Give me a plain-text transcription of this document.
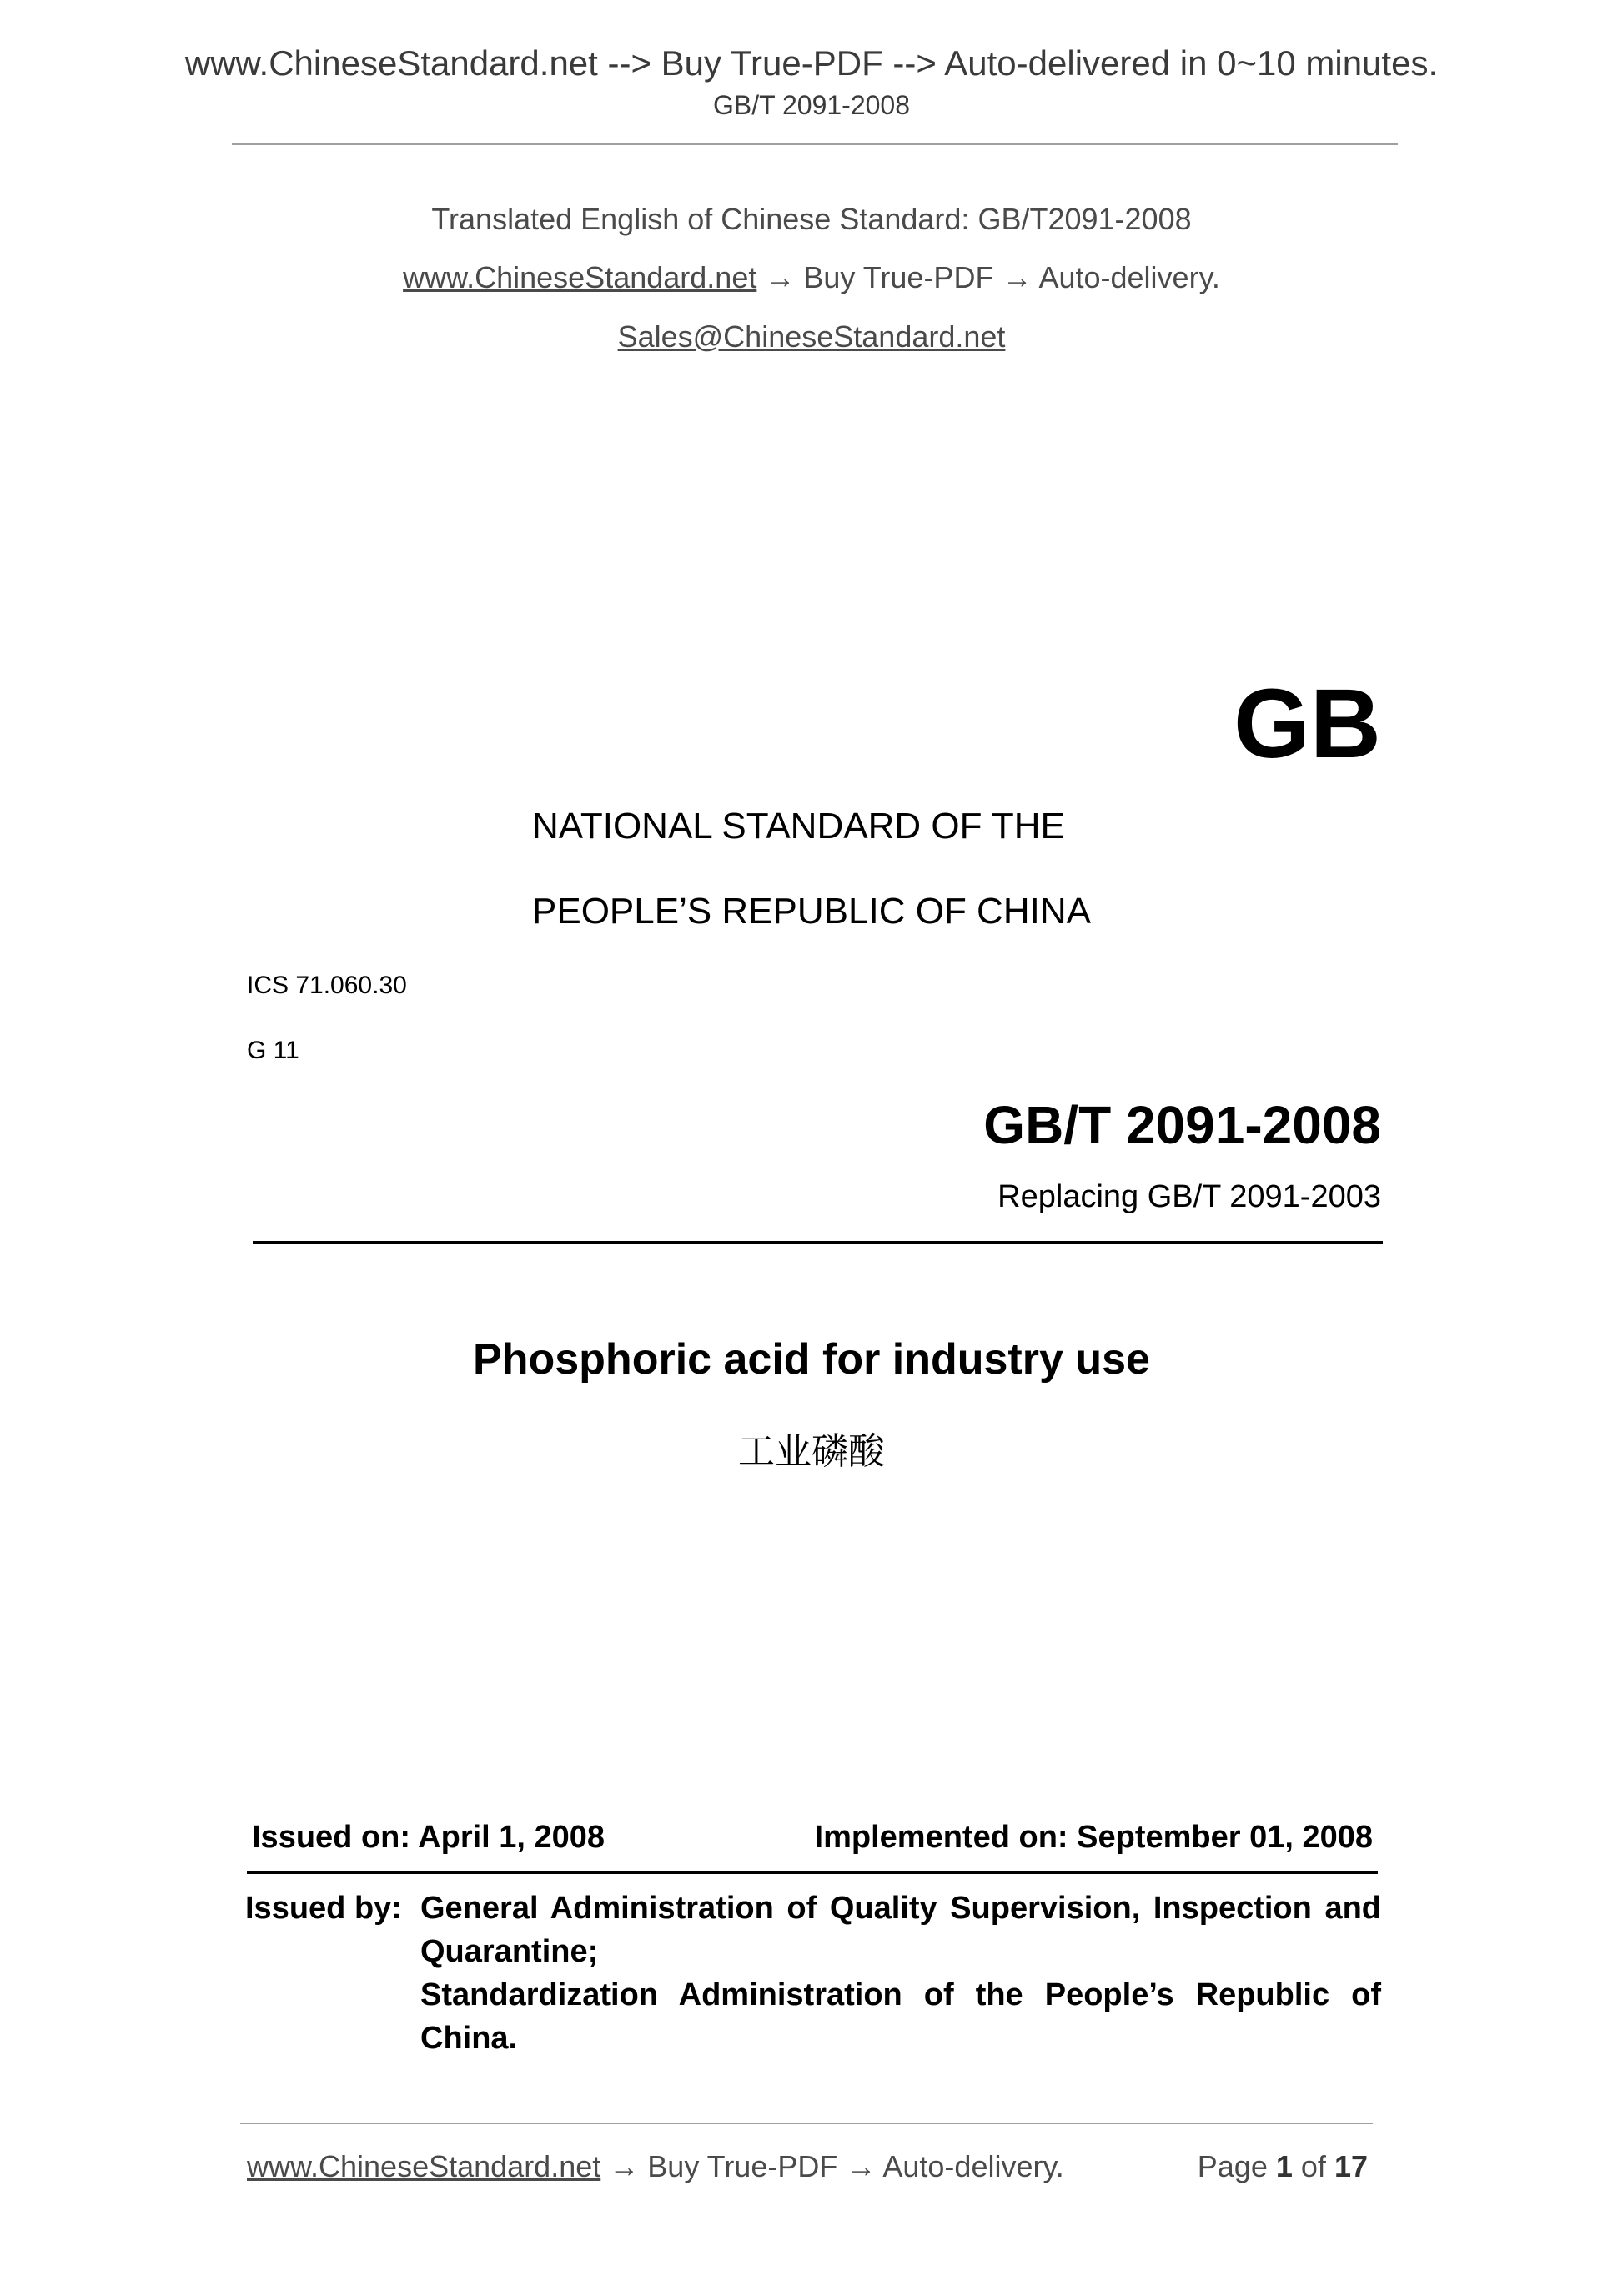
www.ChineseStandard.net --> Buy True-PDF --> Auto-delivered in 0~10 minutes.
GB/T 2091-2008
Translated English of Chinese Standard: GB/T2091-2008
www.ChineseStandard.net → Buy True-PDF → Auto-delivery.
Sales@ChineseStandard.net
GB
NATIONAL STANDARD OF THE
PEOPLE’S REPUBLIC OF CHINA
ICS 71.060.30
G 11
GB/T 2091-2008
Replacing GB/T 2091-2003
Phosphoric acid for industry use
工业磷酸
Issued on: April 1, 2008	Implemented on: September 01, 2008
Issued by: General Administration of Quality Supervision, Inspection and Quarantine;

Standardization Administration of the People’s Republic of China.

www.ChineseStandard.net → Buy True-PDF → Auto-delivery.	Page 1 of 17
